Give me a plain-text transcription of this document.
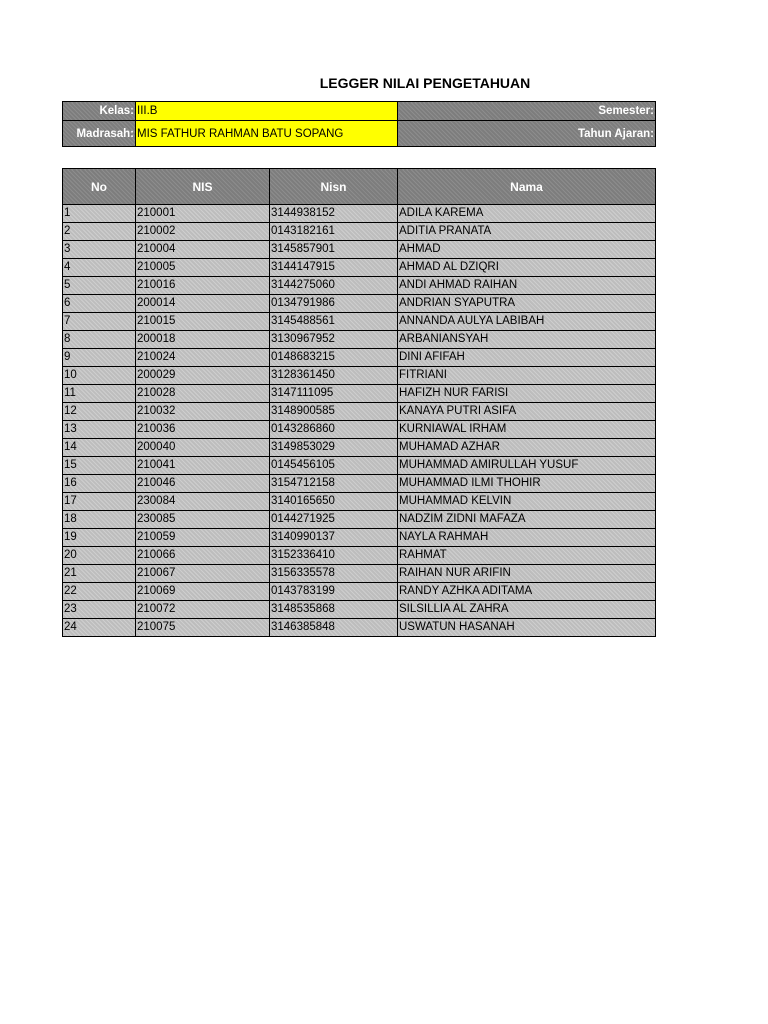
LEGGER NILAI PENGETAHUAN
Kelas:	III.B	Semester:
Madrasah:	MIS FATHUR RAHMAN BATU SOPANG	Tahun Ajaran:
No	NIS	Nisn	Nama
1	210001	3144938152	ADILA KAREMA
2	210002	0143182161	ADITIA PRANATA
3	210004	3145857901	AHMAD
4	210005	3144147915	AHMAD AL DZIQRI
5	210016	3144275060	ANDI AHMAD RAIHAN
6	200014	0134791986	ANDRIAN SYAPUTRA
7	210015	3145488561	ANNANDA AULYA LABIBAH
8	200018	3130967952	ARBANIANSYAH
9	210024	0148683215	DINI AFIFAH
10	200029	3128361450	FITRIANI
11	210028	3147111095	HAFIZH NUR FARISI
12	210032	3148900585	KANAYA PUTRI ASIFA
13	210036	0143286860	KURNIAWAL IRHAM
14	200040	3149853029	MUHAMAD AZHAR
15	210041	0145456105	MUHAMMAD AMIRULLAH YUSUF
16	210046	3154712158	MUHAMMAD ILMI THOHIR
17	230084	3140165650	MUHAMMAD KELVIN
18	230085	0144271925	NADZIM ZIDNI MAFAZA
19	210059	3140990137	NAYLA RAHMAH
20	210066	3152336410	RAHMAT
21	210067	3156335578	RAIHAN NUR ARIFIN
22	210069	0143783199	RANDY AZHKA ADITAMA
23	210072	3148535868	SILSILLIA AL ZAHRA
24	210075	3146385848	USWATUN HASANAH
